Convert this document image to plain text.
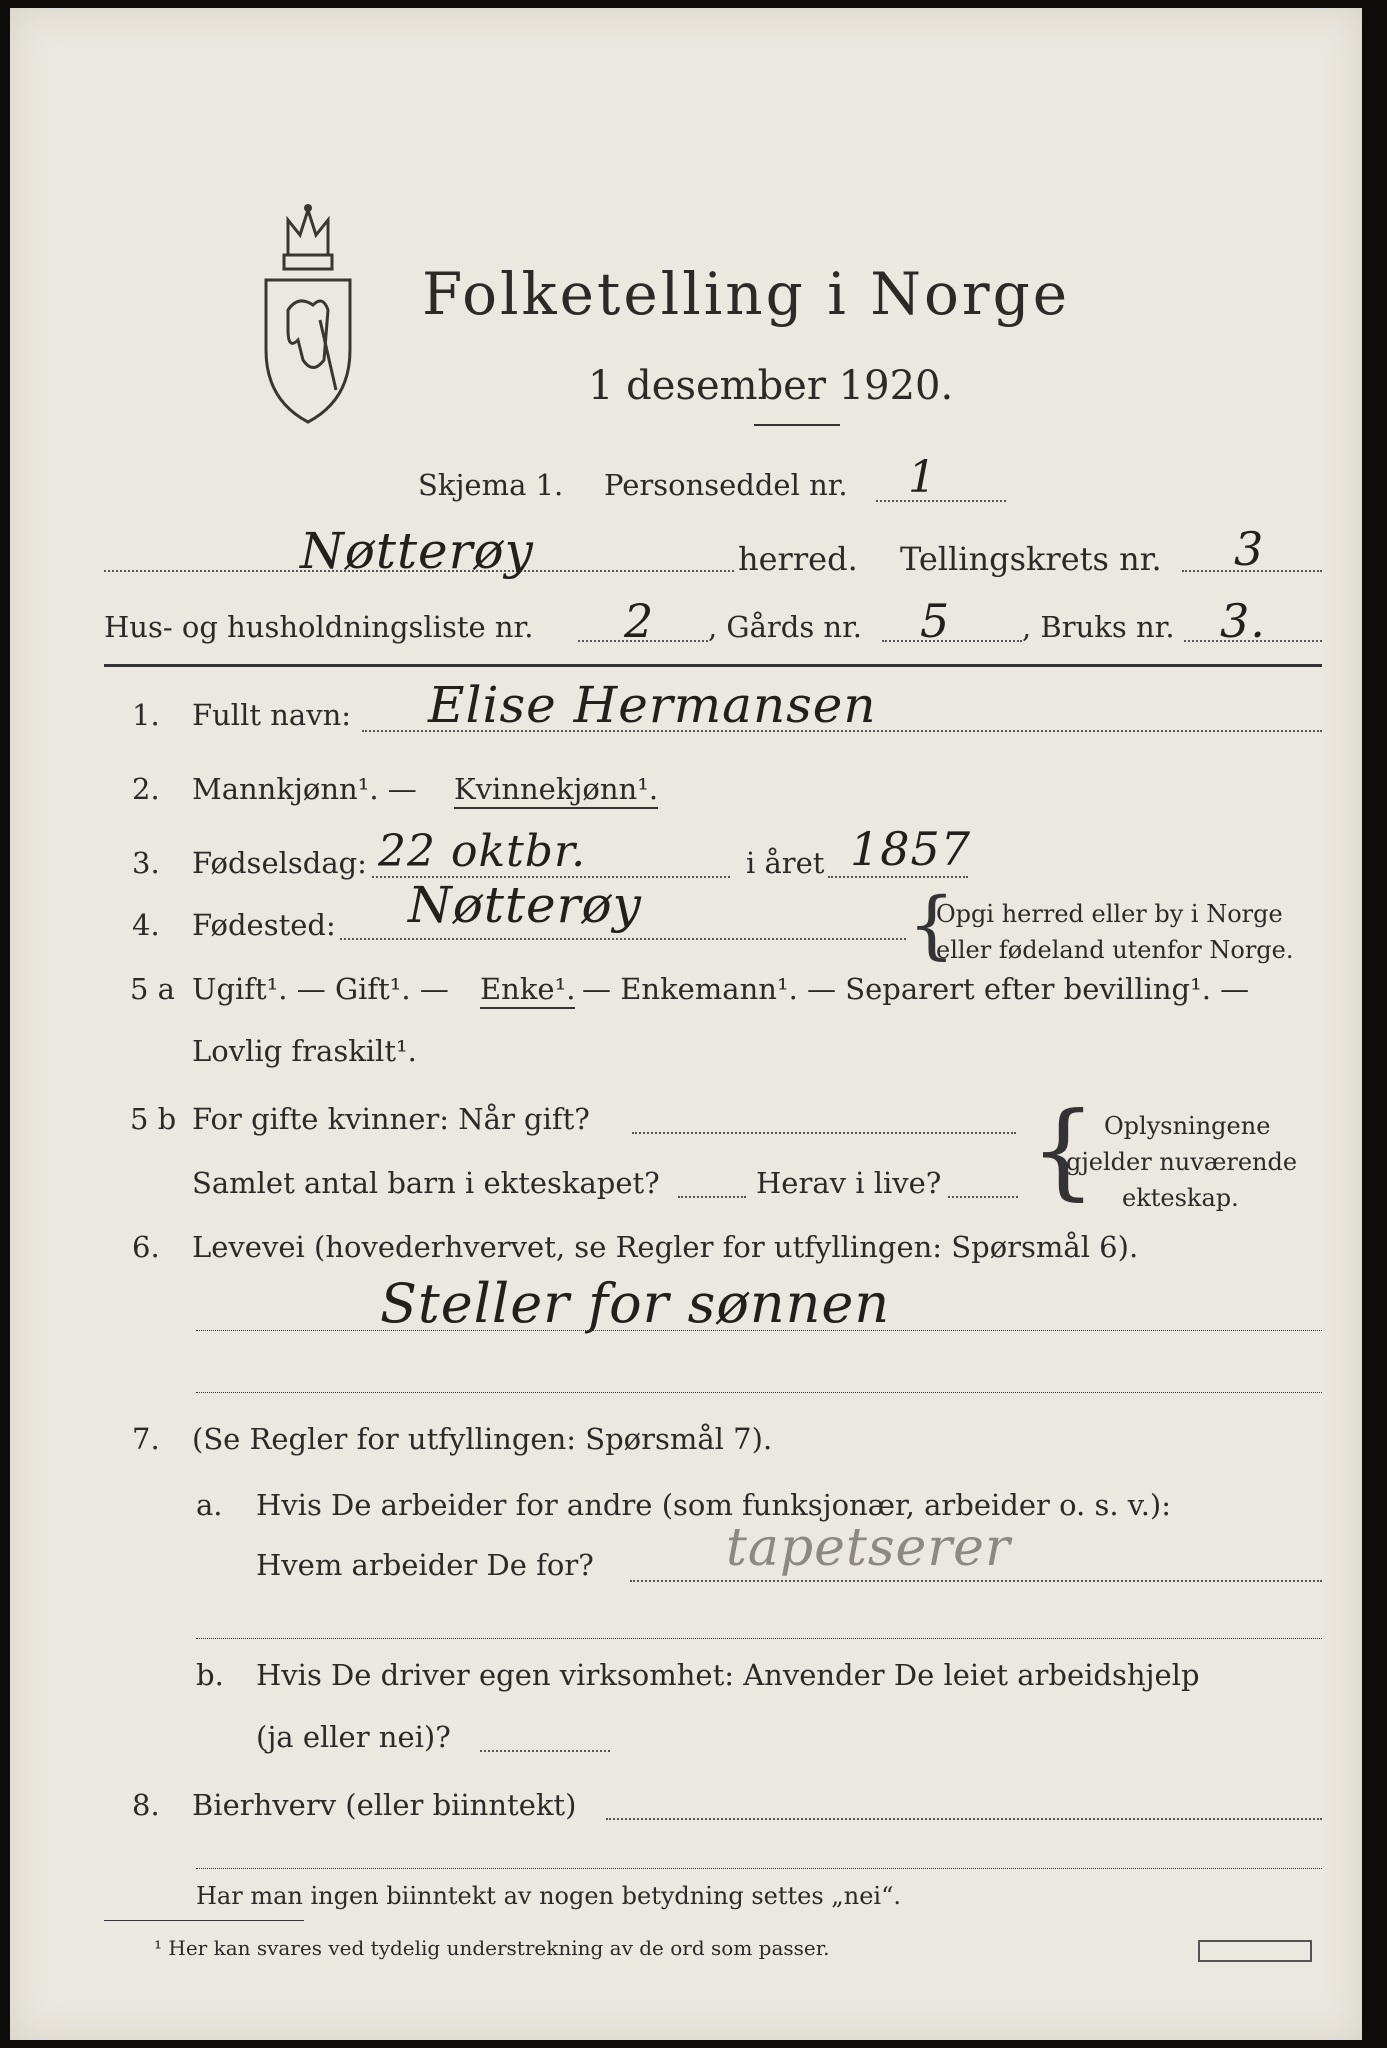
Folketelling i Norge
1 desember 1920.
Skjema 1. Personseddel nr. 1
Nøtterøy	herred. Tellingskrets nr. 3
Hus- og husholdningsliste nr. 2 , Gårds nr. 5 , Bruks nr. 3.
1. Fullt navn: Elise Hermansen
2. Mannkjønn¹. — Kvinnekjønn¹.
3. Fødselsdag: 22 oktbr.	i året 1857
4. Fødested: Nøtterøy	{
Opgi herred eller by i Norge
eller fødeland utenfor Norge.
5 a Ugift¹. — Gift¹. — Enke¹. — Enkemann¹. — Separert efter bevilling¹. —
Lovlig fraskilt¹.
5 b For gifte kvinner: Når gift?
Samlet antal barn i ekteskapet?	Herav i live? { Oplysningene
gjelder nuværende
ekteskap.
6. Levevei (hovederhvervet, se Regler for utfyllingen: Spørsmål 6).
Steller for sønnen
7. (Se Regler for utfyllingen: Spørsmål 7).
a. Hvis De arbeider for andre (som funksjonær, arbeider o. s. v.):
Hvem arbeider De for?	tapetserer
b. Hvis De driver egen virksomhet: Anvender De leiet arbeidshjelp
(ja eller nei)?
8. Bierhverv (eller biinntekt)
Har man ingen biinntekt av nogen betydning settes „nei“.
¹ Her kan svares ved tydelig understrekning av de ord som passer.
